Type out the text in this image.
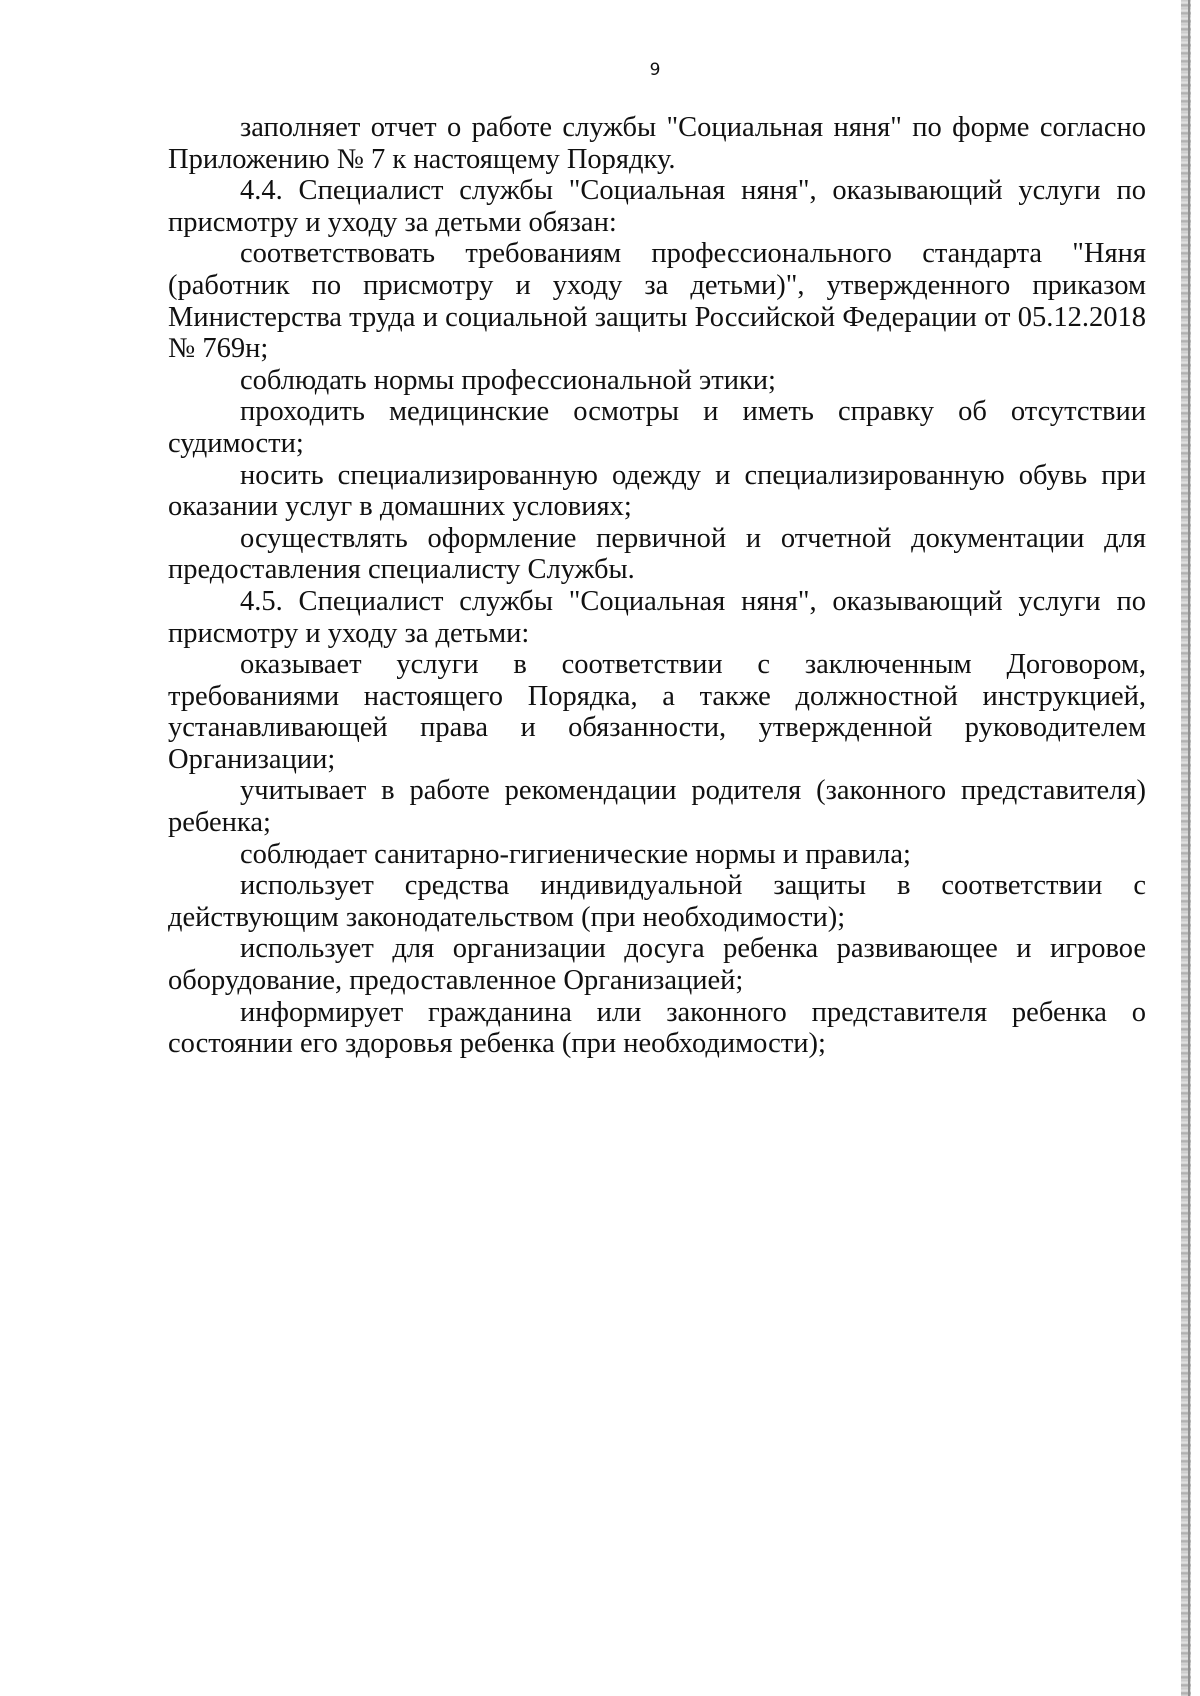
9

заполняет отчет о работе службы "Социальная няня" по форме согласно Приложению № 7 к настоящему Порядку.

4.4. Специалист службы "Социальная няня", оказывающий услуги по присмотру и уходу за детьми обязан:

соответствовать требованиям профессионального стандарта "Няня (работник по присмотру и уходу за детьми)", утвержденного приказом Министерства труда и социальной защиты Российской Федерации от 05.12.2018 № 769н;

соблюдать нормы профессиональной этики;

проходить медицинские осмотры и иметь справку об отсутствии судимости;

носить специализированную одежду и специализированную обувь при оказании услуг в домашних условиях;

осуществлять оформление первичной и отчетной документации для предоставления специалисту Службы.

4.5. Специалист службы "Социальная няня", оказывающий услуги по присмотру и уходу за детьми:

оказывает услуги в соответствии с заключенным Договором, требованиями настоящего Порядка, а также должностной инструкцией, устанавливающей права и обязанности, утвержденной руководителем Организации;

учитывает в работе рекомендации родителя (законного представителя) ребенка;

соблюдает санитарно-гигиенические нормы и правила;

использует средства индивидуальной защиты в соответствии с действующим законодательством (при необходимости);

использует для организации досуга ребенка развивающее и игровое оборудование, предоставленное Организацией;

информирует гражданина или законного представителя ребенка о состоянии его здоровья ребенка (при необходимости);
